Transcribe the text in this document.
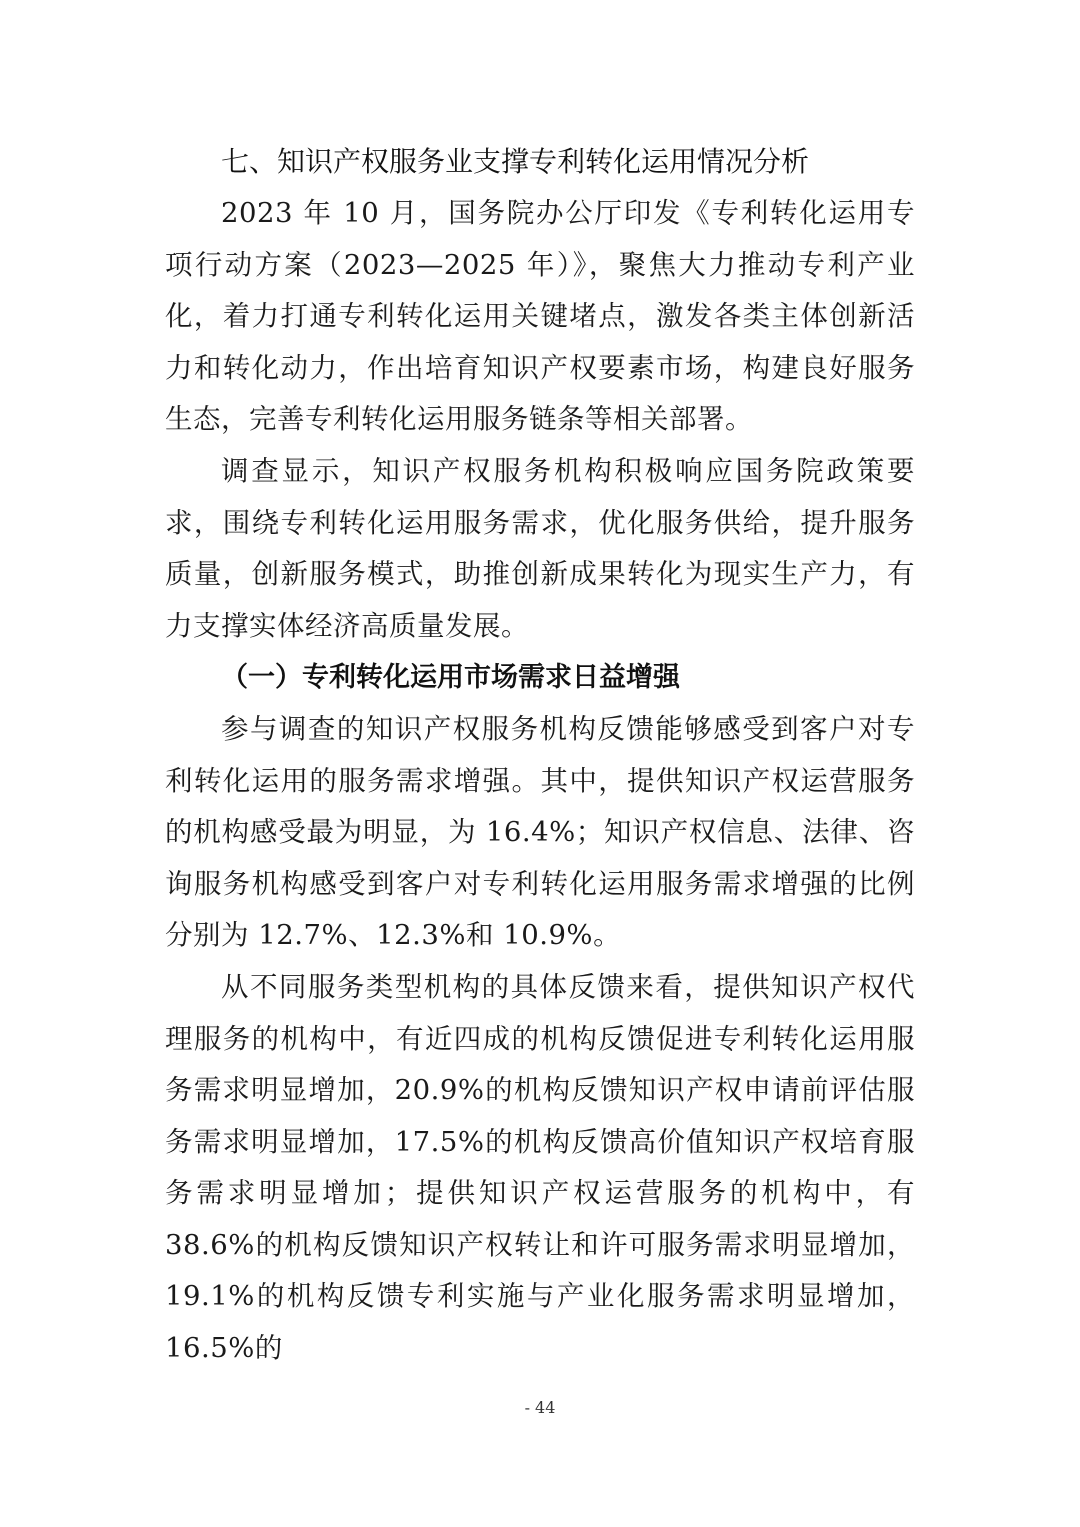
七、知识产权服务业支撑专利转化运用情况分析

2023 年 10 月，国务院办公厅印发《专利转化运用专项行动方案（2023—2025 年）》，聚焦大力推动专利产业化，着力打通专利转化运用关键堵点，激发各类主体创新活力和转化动力，作出培育知识产权要素市场，构建良好服务生态，完善专利转化运用服务链条等相关部署。

调查显示，知识产权服务机构积极响应国务院政策要求，围绕专利转化运用服务需求，优化服务供给，提升服务质量，创新服务模式，助推创新成果转化为现实生产力，有力支撑实体经济高质量发展。

（一）专利转化运用市场需求日益增强

参与调查的知识产权服务机构反馈能够感受到客户对专利转化运用的服务需求增强。其中，提供知识产权运营服务的机构感受最为明显，为 16.4%；知识产权信息、法律、咨询服务机构感受到客户对专利转化运用服务需求增强的比例分别为 12.7%、12.3%和 10.9%。

从不同服务类型机构的具体反馈来看，提供知识产权代理服务的机构中，有近四成的机构反馈促进专利转化运用服务需求明显增加，20.9%的机构反馈知识产权申请前评估服务需求明显增加，17.5%的机构反馈高价值知识产权培育服务需求明显增加；提供知识产权运营服务的机构中，有 38.6%的机构反馈知识产权转让和许可服务需求明显增加，19.1%的机构反馈专利实施与产业化服务需求明显增加，16.5%的

- 44
